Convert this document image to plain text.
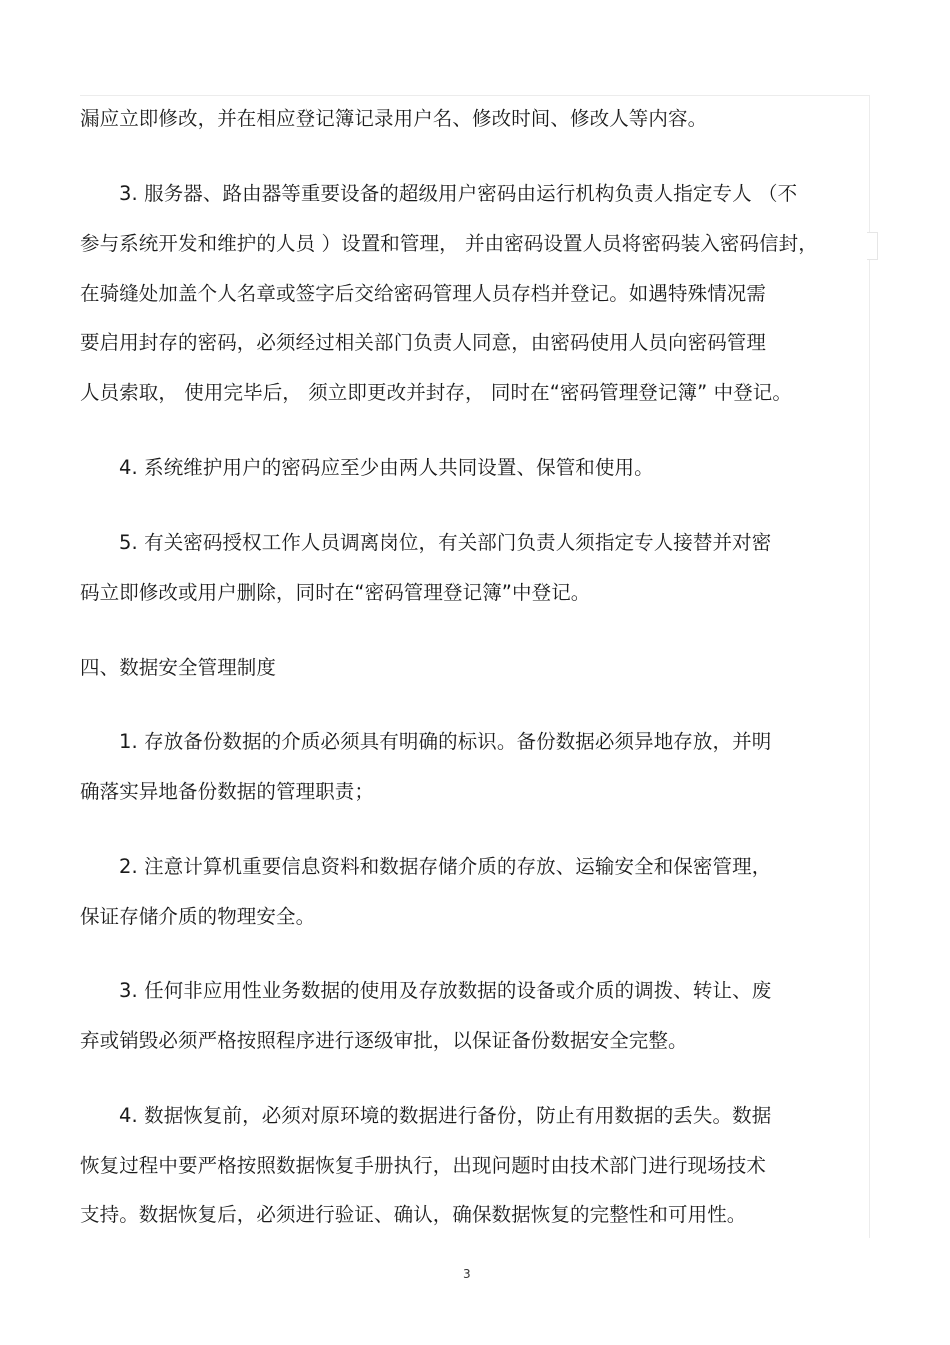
漏应立即修改，并在相应登记簿记录用户名、修改时间、修改人等内容。
3. 服务器、路由器等重要设备的超级用户密码由运行机构负责人指定专人 （不
参与系统开发和维护的人员 ）设置和管理， 并由密码设置人员将密码装入密码信封，
在骑缝处加盖个人名章或签字后交给密码管理人员存档并登记。如遇特殊情况需
要启用封存的密码，必须经过相关部门负责人同意，由密码使用人员向密码管理
人员索取， 使用完毕后， 须立即更改并封存， 同时在“密码管理登记簿” 中登记。
4. 系统维护用户的密码应至少由两人共同设置、保管和使用。
5. 有关密码授权工作人员调离岗位，有关部门负责人须指定专人接替并对密
码立即修改或用户删除，同时在“密码管理登记簿”中登记。
四、数据安全管理制度
1. 存放备份数据的介质必须具有明确的标识。备份数据必须异地存放，并明
确落实异地备份数据的管理职责；
2. 注意计算机重要信息资料和数据存储介质的存放、运输安全和保密管理，
保证存储介质的物理安全。
3. 任何非应用性业务数据的使用及存放数据的设备或介质的调拨、转让、废
弃或销毁必须严格按照程序进行逐级审批，以保证备份数据安全完整。
4. 数据恢复前，必须对原环境的数据进行备份，防止有用数据的丢失。数据
恢复过程中要严格按照数据恢复手册执行，出现问题时由技术部门进行现场技术
支持。数据恢复后，必须进行验证、确认，确保数据恢复的完整性和可用性。
3
